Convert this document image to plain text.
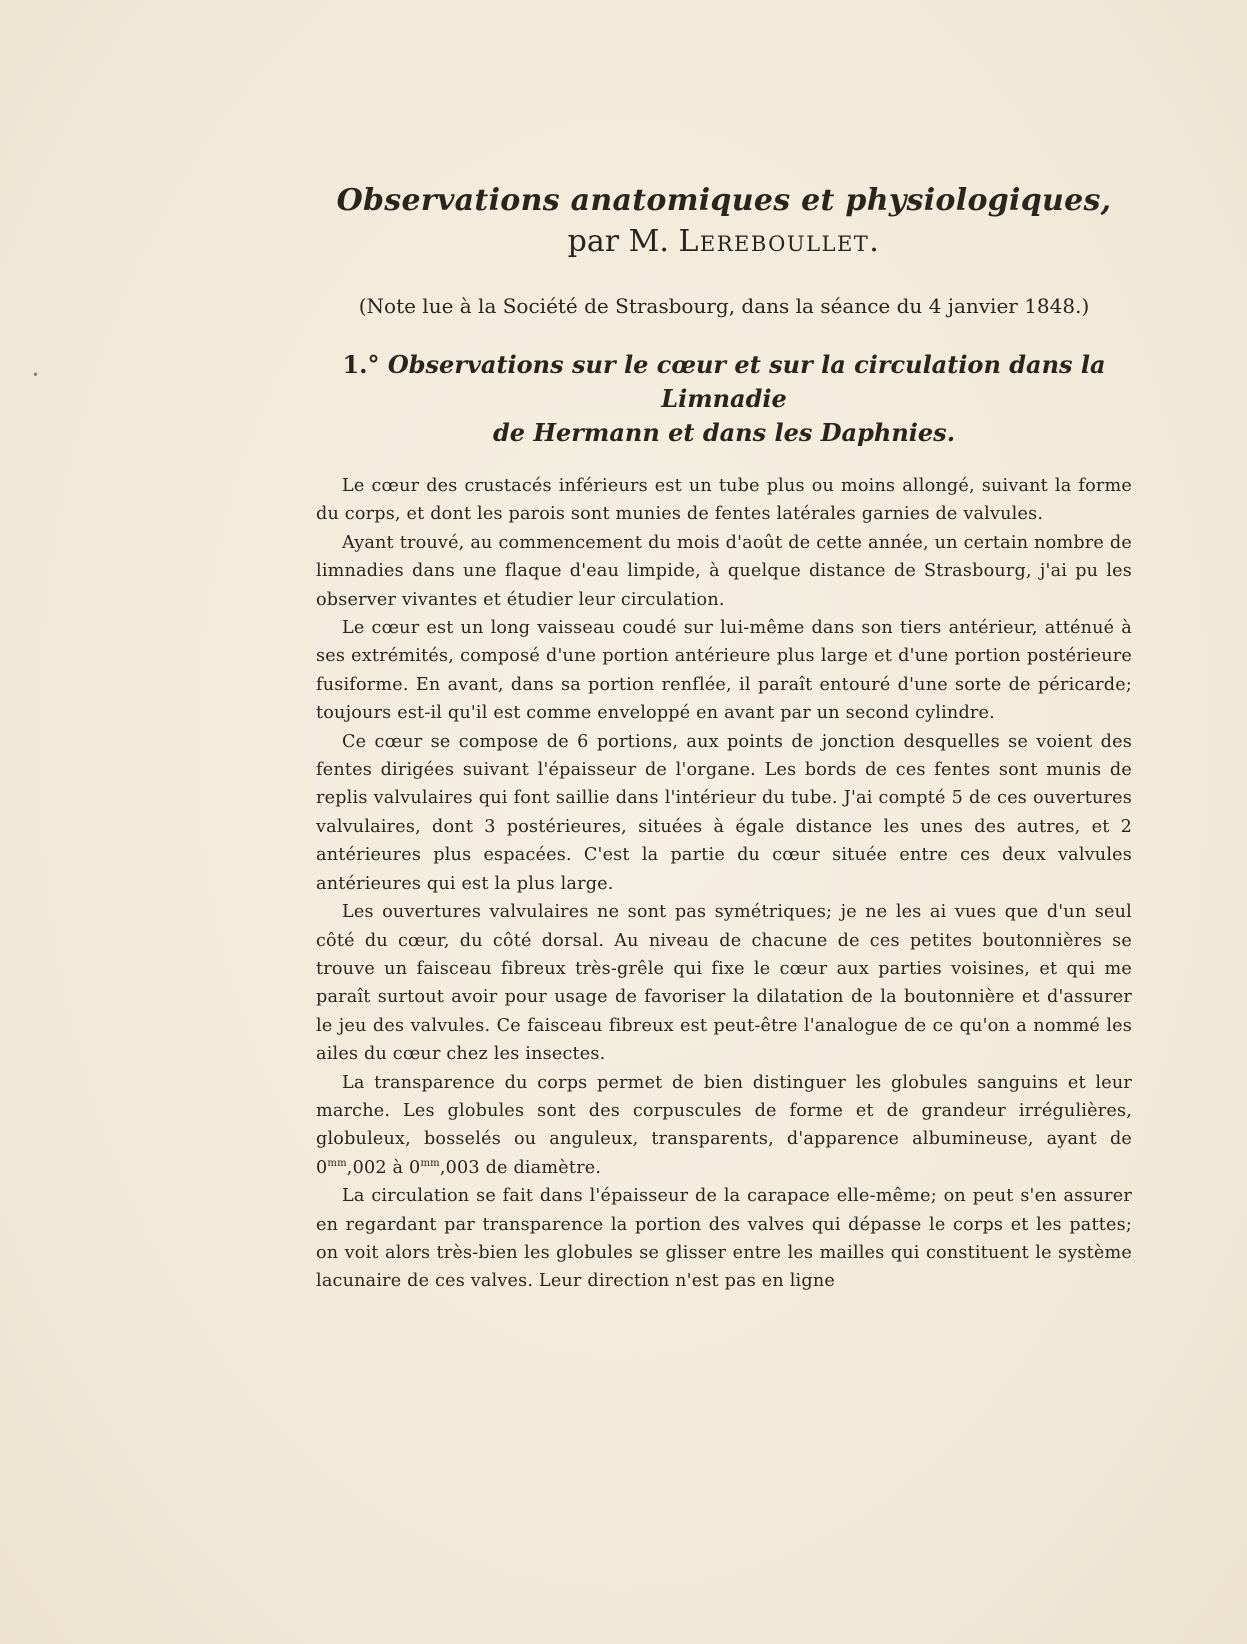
•
Observations anatomiques et physiologiques,
par M. Lereboullet.
(Note lue à la Société de Strasbourg, dans la séance du 4 janvier 1848.)
1.° Observations sur le cœur et sur la circulation dans la Limnadie
de Hermann et dans les Daphnies.

Le cœur des crustacés inférieurs est un tube plus ou moins allongé, suivant la forme du corps, et dont les parois sont munies de fentes latérales garnies de valvules.

Ayant trouvé, au commencement du mois d'août de cette année, un certain nombre de limnadies dans une flaque d'eau limpide, à quelque distance de Strasbourg, j'ai pu les observer vivantes et étudier leur circulation.

Le cœur est un long vaisseau coudé sur lui-même dans son tiers antérieur, atténué à ses extrémités, composé d'une portion antérieure plus large et d'une portion postérieure fusiforme. En avant, dans sa portion renflée, il paraît entouré d'une sorte de péricarde; toujours est-il qu'il est comme enveloppé en avant par un second cylindre.

Ce cœur se compose de 6 portions, aux points de jonction desquelles se voient des fentes dirigées suivant l'épaisseur de l'organe. Les bords de ces fentes sont munis de replis valvulaires qui font saillie dans l'intérieur du tube. J'ai compté 5 de ces ouvertures valvulaires, dont 3 postérieures, situées à égale distance les unes des autres, et 2 antérieures plus espacées. C'est la partie du cœur située entre ces deux valvules antérieures qui est la plus large.

Les ouvertures valvulaires ne sont pas symétriques; je ne les ai vues que d'un seul côté du cœur, du côté dorsal. Au niveau de chacune de ces petites boutonnières se trouve un faisceau fibreux très-grêle qui fixe le cœur aux parties voisines, et qui me paraît surtout avoir pour usage de favoriser la dilatation de la boutonnière et d'assurer le jeu des valvules. Ce faisceau fibreux est peut-être l'analogue de ce qu'on a nommé les ailes du cœur chez les insectes.

La transparence du corps permet de bien distinguer les globules sanguins et leur marche. Les globules sont des corpuscules de forme et de grandeur irrégulières, globuleux, bosselés ou anguleux, transparents, d'apparence albumineuse, ayant de $0^{mm},002$ à $0^{mm},003$ de diamètre.

La circulation se fait dans l'épaisseur de la carapace elle-même; on peut s'en assurer en regardant par transparence la portion des valves qui dépasse le corps et les pattes; on voit alors très-bien les globules se glisser entre les mailles qui constituent le système lacunaire de ces valves. Leur direction n'est pas en ligne
